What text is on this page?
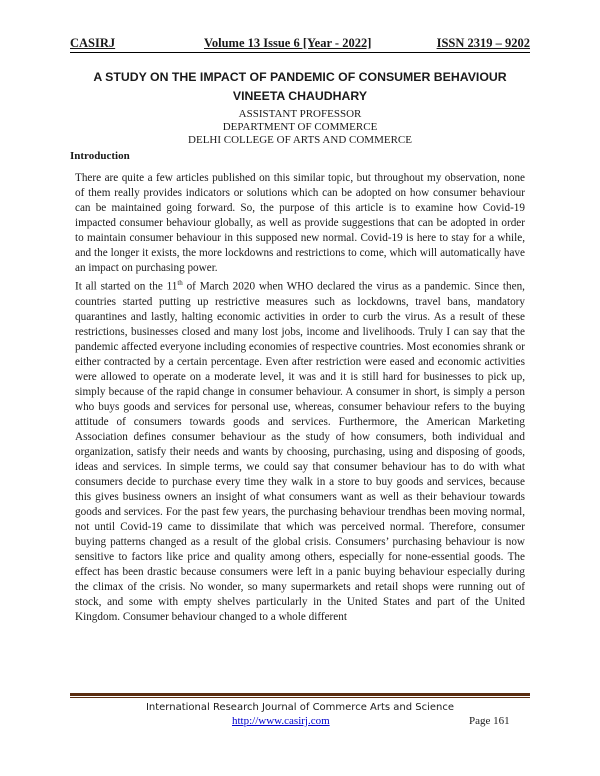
CASIRJ	Volume 13 Issue 6 [Year - 2022]	ISSN 2319 – 9202
A STUDY ON THE IMPACT OF PANDEMIC OF CONSUMER BEHAVIOUR
VINEETA CHAUDHARY
ASSISTANT PROFESSOR
DEPARTMENT OF COMMERCE
DELHI COLLEGE OF ARTS AND COMMERCE
Introduction

There are quite a few articles published on this similar topic, but throughout my observation, none of them really provides indicators or solutions which can be adopted on how consumer behaviour can be maintained going forward. So, the purpose of this article is to examine how Covid-19 impacted consumer behaviour globally, as well as provide suggestions that can be adopted in order to maintain consumer behaviour in this supposed new normal. Covid-19 is here to stay for a while, and the longer it exists, the more lockdowns and restrictions to come, which will automatically have an impact on purchasing power.

It all started on the 11th of March 2020 when WHO declared the virus as a pandemic. Since then, countries started putting up restrictive measures such as lockdowns, travel bans, mandatory quarantines and lastly, halting economic activities in order to curb the virus. As a result of these restrictions, businesses closed and many lost jobs, income and livelihoods. Truly I can say that the pandemic affected everyone including economies of respective countries. Most economies shrank or either contracted by a certain percentage. Even after restriction were eased and economic activities were allowed to operate on a moderate level, it was and it is still hard for businesses to pick up, simply because of the rapid change in consumer behaviour. A consumer in short, is simply a person who buys goods and services for personal use, whereas, consumer behaviour refers to the buying attitude of consumers towards goods and services. Furthermore, the American Marketing Association defines consumer behaviour as the study of how consumers, both individual and organization, satisfy their needs and wants by choosing, purchasing, using and disposing of goods, ideas and services. In simple terms, we could say that consumer behaviour has to do with what consumers decide to purchase every time they walk in a store to buy goods and services, because this gives business owners an insight of what consumers want as well as their behaviour towards goods and services. For the past few years, the purchasing behaviour trendhas been moving normal, not until Covid-19 came to dissimilate that which was perceived normal. Therefore, consumer buying patterns changed as a result of the global crisis. Consumers’ purchasing behaviour is now sensitive to factors like price and quality among others, especially for none-essential goods. The effect has been drastic because consumers were left in a panic buying behaviour especially during the climax of the crisis. No wonder, so many supermarkets and retail shops were running out of stock, and some with empty shelves particularly in the United States and part of the United Kingdom. Consumer behaviour changed to a whole different

International Research Journal of Commerce Arts and Science
http://www.casirj.com	Page 161
